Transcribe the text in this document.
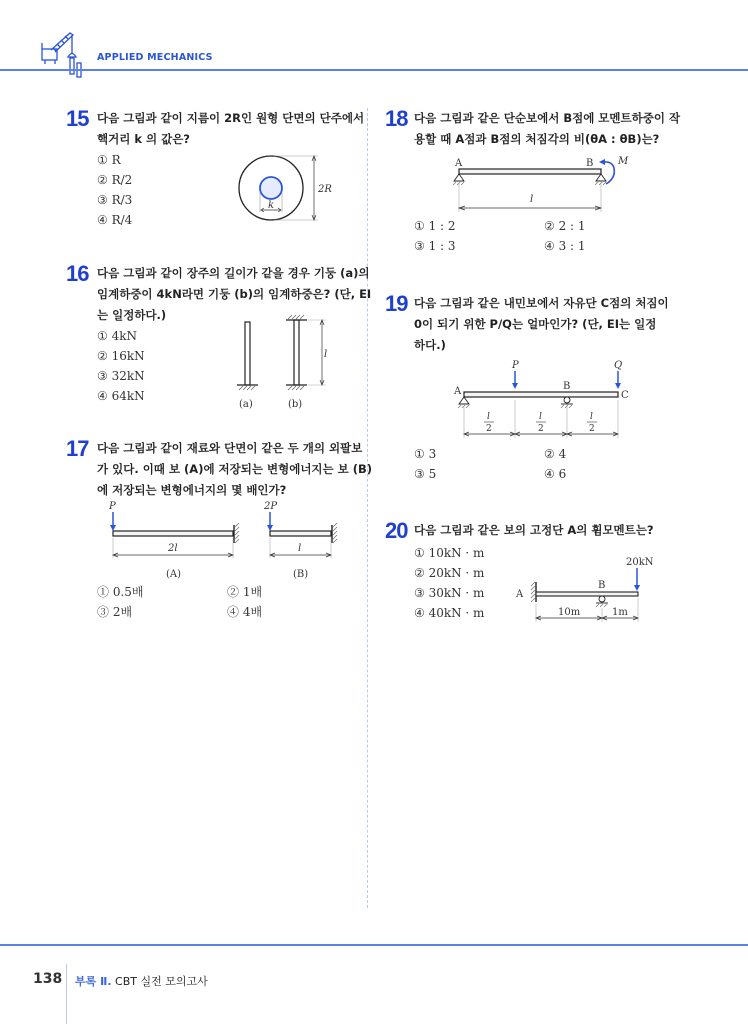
APPLIED MECHANICS
15 다음 그림과 같이 지름이 2R인 원형 단면의 단주에서
핵거리 k 의 값은?
① R
② R/2
③ R/3
④ R/4
2R
k
16 다음 그림과 같이 장주의 길이가 같을 경우 기둥 (a)의
임계하중이 4kN라면 기둥 (b)의 임계하중은? (단, EI
는 일정하다.)
① 4kN
② 16kN
③ 32kN
④ 64kN
(a)	(b)
l
17 다음 그림과 같이 재료와 단면이 같은 두 개의 외팔보
가 있다. 이때 보 (A)에 저장되는 변형에너지는 보 (B)
에 저장되는 변형에너지의 몇 배인가?
P
2l
(A)
2P
l
(B)
① 0.5배	② 1배
③ 2배	④ 4배
18 다음 그림과 같은 단순보에서 B점에 모멘트하중이 작
용할 때 A점과 B점의 처짐각의 비(θA : θB)는?
A	B M
l
① 1 : 2	② 2 : 1
③ 1 : 3	④ 3 : 1
19 다음 그림과 같은 내민보에서 자유단 C점의 처짐이
0이 되기 위한 P/Q는 얼마인가? (단, EI는 일정
하다.)
P	Q
A	B
C
l
2
l
2
l
2
① 3	② 4
③ 5	④ 6
20 다음 그림과 같은 보의 고정단 A의 휨모멘트는?
① 10kN · m
② 20kN · m
③ 30kN · m
④ 40kN · m
20kN
A
B
10m	1m
138 부록 Ⅱ. CBT 실전 모의고사
